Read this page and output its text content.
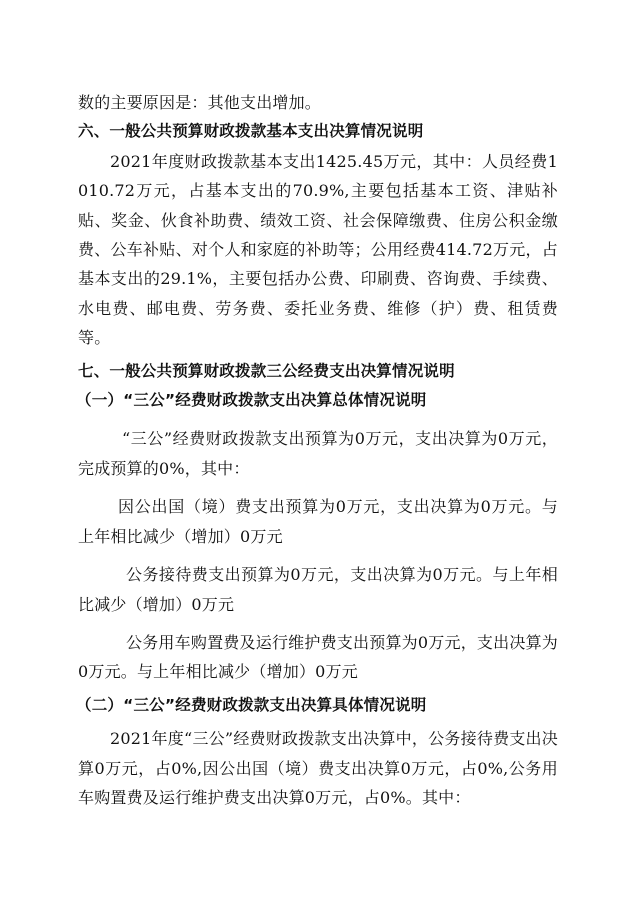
数的主要原因是：其他支出增加。

六、一般公共预算财政拨款基本支出决算情况说明

2021年度财政拨款基本支出1425.45万元，其中：人员经费1010.72万元，占基本支出的70.9%,主要包括基本工资、津贴补贴、奖金、伙食补助费、绩效工资、社会保障缴费、住房公积金缴费、公车补贴、对个人和家庭的补助等；公用经费414.72万元，占基本支出的29.1%，主要包括办公费、印刷费、咨询费、手续费、水电费、邮电费、劳务费、委托业务费、维修（护）费、租赁费等。

七、一般公共预算财政拨款三公经费支出决算情况说明

（一）“三公”经费财政拨款支出决算总体情况说明

“三公”经费财政拨款支出预算为0万元，支出决算为0万元，完成预算的0%，其中：

因公出国（境）费支出预算为0万元，支出决算为0万元。与上年相比减少（增加）0万元

公务接待费支出预算为0万元，支出决算为0万元。与上年相比减少（增加）0万元

公务用车购置费及运行维护费支出预算为0万元，支出决算为0万元。与上年相比减少（增加）0万元

（二）“三公”经费财政拨款支出决算具体情况说明

2021年度“三公”经费财政拨款支出决算中，公务接待费支出决算0万元，占0%,因公出国（境）费支出决算0万元，占0%,公务用车购置费及运行维护费支出决算0万元，占0%。其中：
